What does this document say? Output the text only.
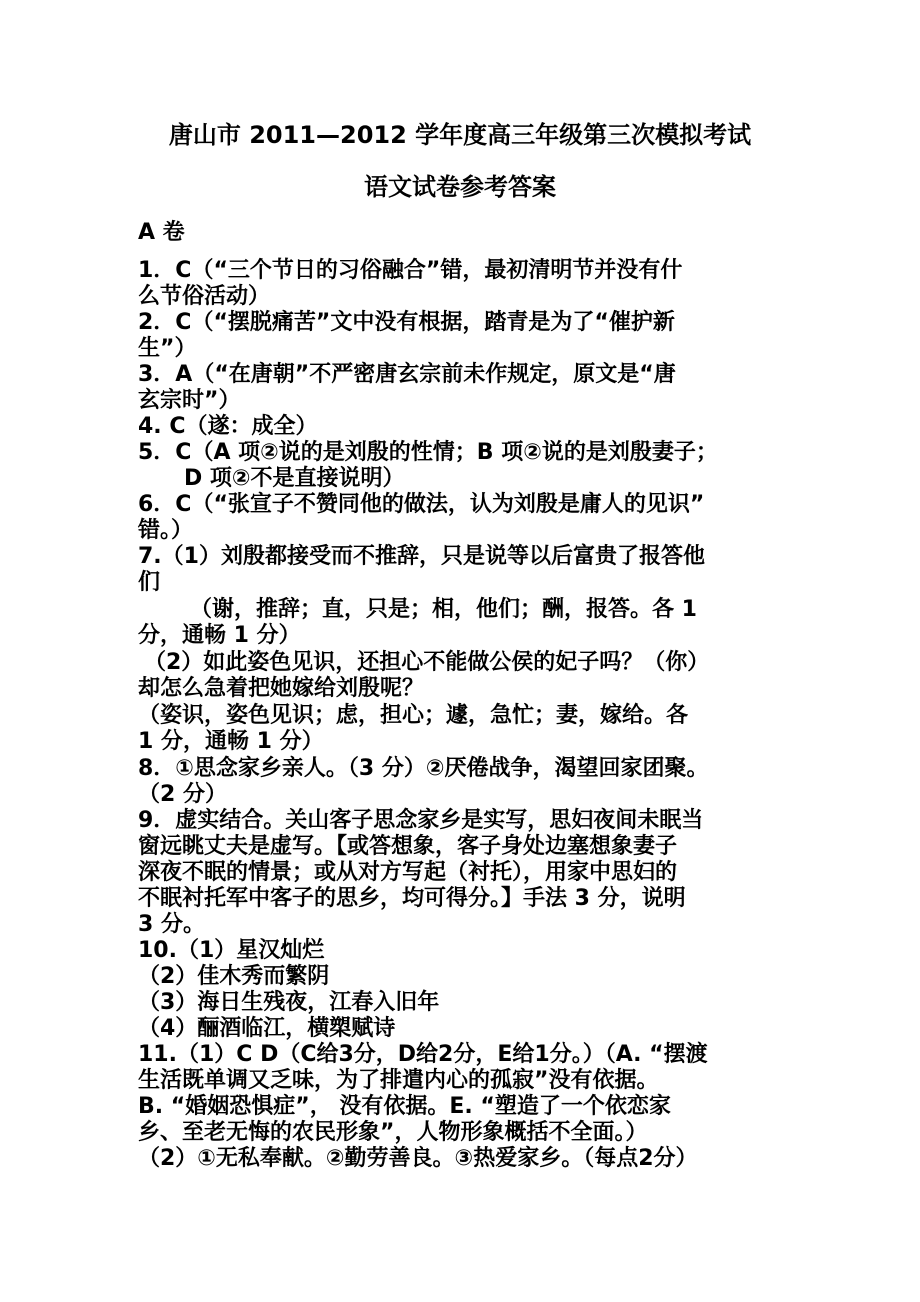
唐山市 2011—2012 学年度高三年级第三次模拟考试
语文试卷参考答案
A 卷
1．C（“三个节日的习俗融合”错，最初清明节并没有什
么节俗活动）
2．C（“摆脱痛苦”文中没有根据，踏青是为了“催护新
生”）
3．A（“在唐朝”不严密唐玄宗前未作规定，原文是“唐
玄宗时”）
4. C（遂：成全）
5．C（A 项②说的是刘殷的性情；B 项②说的是刘殷妻子；
D 项②不是直接说明）
6．C（“张宣子不赞同他的做法，认为刘殷是庸人的见识”
错。）
7.（1）刘殷都接受而不推辞，只是说等以后富贵了报答他
们
（谢，推辞；直，只是；相，他们；酬，报答。各 1
分，通畅 1 分）
（2）如此姿色见识，还担心不能做公侯的妃子吗？（你）
却怎么急着把她嫁给刘殷呢？
（姿识，姿色见识；虑，担心；遽，急忙；妻，嫁给。各
1 分，通畅 1 分）
8．①思念家乡亲人。（3 分）②厌倦战争，渴望回家团聚。
（2 分）
9．虚实结合。关山客子思念家乡是实写，思妇夜间未眠当
窗远眺丈夫是虚写。【或答想象，客子身处边塞想象妻子
深夜不眠的情景；或从对方写起（衬托），用家中思妇的
不眠衬托军中客子的思乡，均可得分。】手法 3 分，说明
3 分。
10.（1）星汉灿烂
（2）佳木秀而繁阴
（3）海日生残夜，江春入旧年
（4）酾酒临江，横槊赋诗
11.（1）C D（C给3分，D给2分，E给1分。）（A. “摆渡
生活既单调又乏味，为了排遣内心的孤寂”没有依据。
B. “婚姻恐惧症”， 没有依据。E. “塑造了一个依恋家
乡、至老无悔的农民形象”，人物形象概括不全面。）
（2）①无私奉献。②勤劳善良。③热爱家乡。（每点2分）
